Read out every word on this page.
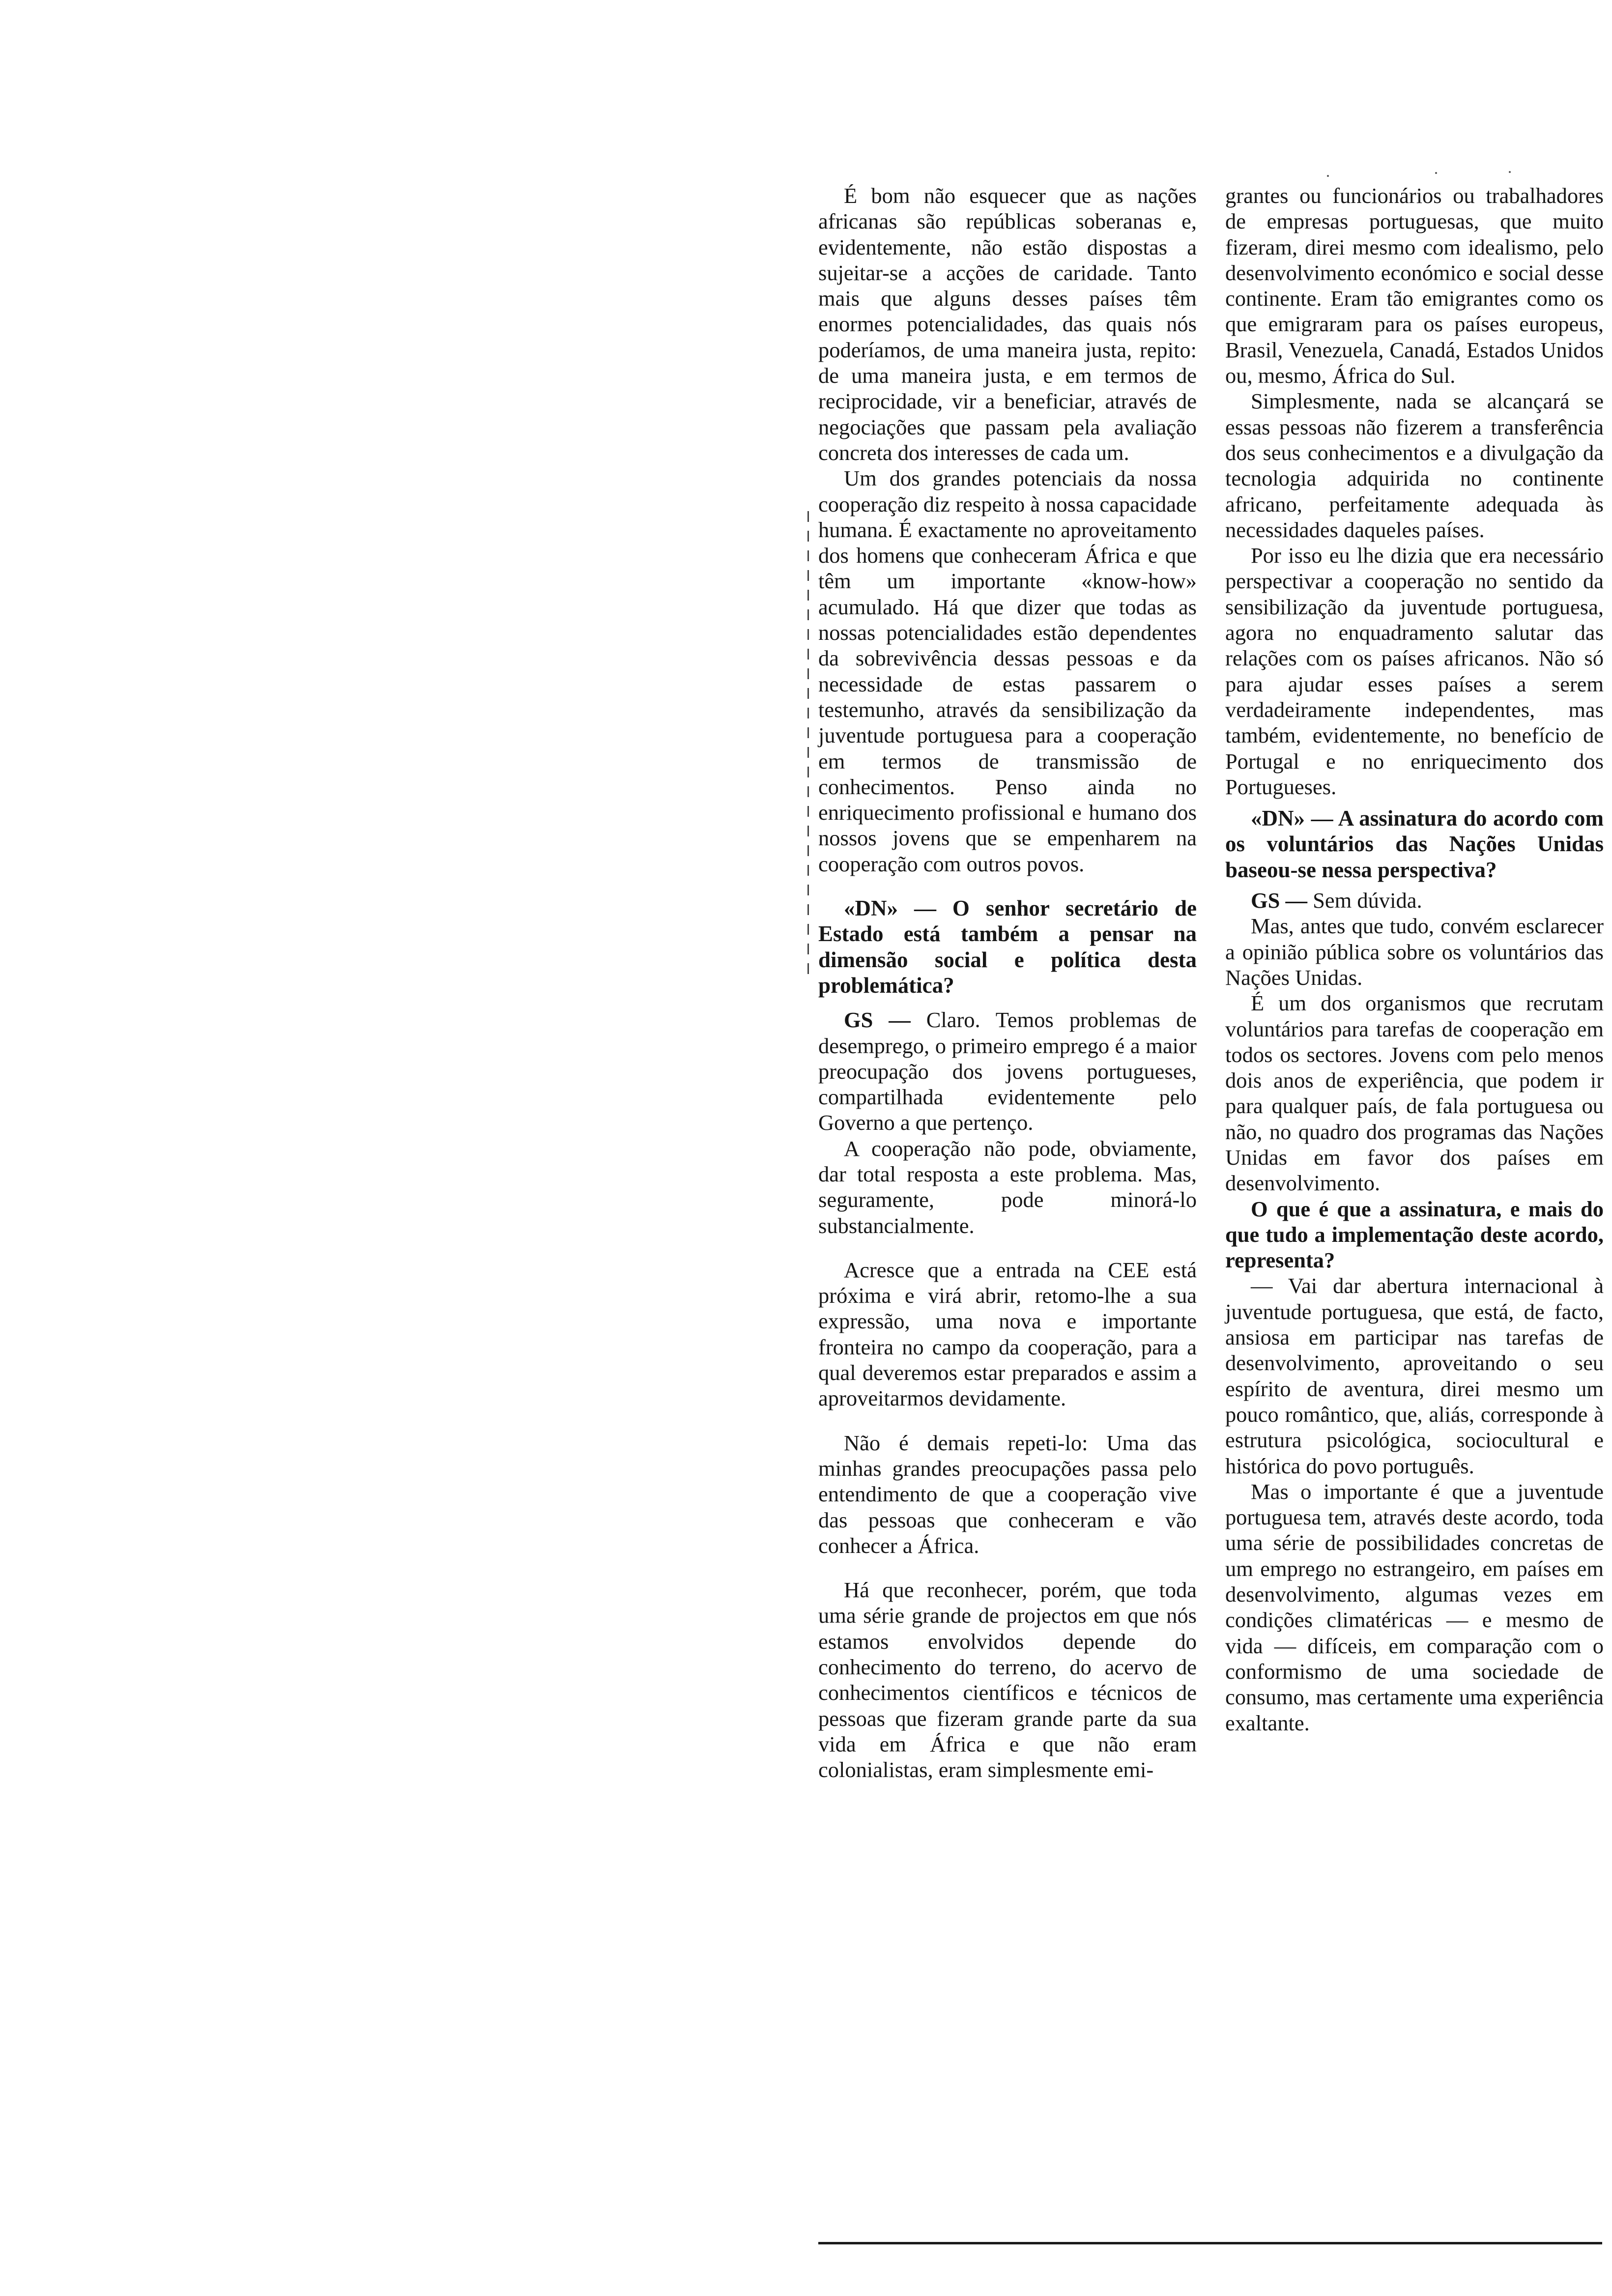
É bom não esquecer que as nações africanas são repúblicas soberanas e, evidentemente, não estão dispostas a sujeitar-se a acções de caridade. Tanto mais que alguns desses países têm enormes potencialidades, das quais nós poderíamos, de uma maneira justa, repito: de uma maneira justa, e em termos de reciprocidade, vir a beneficiar, através de negociações que passam pela avaliação concreta dos interesses de cada um.

Um dos grandes potenciais da nossa cooperação diz respeito à nossa capacidade humana. É exactamente no aproveitamento dos homens que conheceram África e que têm um importante «know-how» acumulado. Há que dizer que todas as nossas potencialidades estão dependentes da sobrevivência dessas pessoas e da necessidade de estas passarem o testemunho, através da sensibilização da juventude portuguesa para a cooperação em termos de transmissão de conhecimentos. Penso ainda no enriquecimento profissional e humano dos nossos jovens que se empenharem na cooperação com outros povos.

«DN» — O senhor secretário de Estado está também a pensar na dimensão social e política desta problemática?

GS — Claro. Temos problemas de desemprego, o primeiro emprego é a maior preocupação dos jovens portugueses, compartilhada evidentemente pelo Governo a que pertenço.

A cooperação não pode, obviamente, dar total resposta a este problema. Mas, seguramente, pode minorá-lo substancialmente.

Acresce que a entrada na CEE está próxima e virá abrir, retomo-lhe a sua expressão, uma nova e importante fronteira no campo da cooperação, para a qual deveremos estar preparados e assim a aproveitarmos devidamente.

Não é demais repeti-lo: Uma das minhas grandes preocupações passa pelo entendimento de que a cooperação vive das pessoas que conheceram e vão conhecer a África.

Há que reconhecer, porém, que toda uma série grande de projectos em que nós estamos envolvidos depende do conhecimento do terreno, do acervo de conhecimentos científicos e técnicos de pessoas que fizeram grande parte da sua vida em África e que não eram colonialistas, eram simplesmente emi-

grantes ou funcionários ou trabalhadores de empresas portuguesas, que muito fizeram, direi mesmo com idealismo, pelo desenvolvimento económico e social desse continente. Eram tão emigrantes como os que emigraram para os países europeus, Brasil, Venezuela, Canadá, Estados Unidos ou, mesmo, África do Sul.

Simplesmente, nada se alcançará se essas pessoas não fizerem a transferência dos seus conhecimentos e a divulgação da tecnologia adquirida no continente africano, perfeitamente adequada às necessidades daqueles países.

Por isso eu lhe dizia que era necessário perspectivar a cooperação no sentido da sensibilização da juventude portuguesa, agora no enquadramento salutar das relações com os países africanos. Não só para ajudar esses países a serem verdadeiramente independentes, mas também, evidentemente, no benefício de Portugal e no enriquecimento dos Portugueses.

«DN» — A assinatura do acordo com os voluntários das Nações Unidas baseou-se nessa perspectiva?

GS — Sem dúvida.

Mas, antes que tudo, convém esclarecer a opinião pública sobre os voluntários das Nações Unidas.

É um dos organismos que recrutam voluntários para tarefas de cooperação em todos os sectores. Jovens com pelo menos dois anos de experiência, que podem ir para qualquer país, de fala portuguesa ou não, no quadro dos programas das Nações Unidas em favor dos países em desenvolvimento.

O que é que a assinatura, e mais do que tudo a implementação deste acordo, representa?

— Vai dar abertura internacional à juventude portuguesa, que está, de facto, ansiosa em participar nas tarefas de desenvolvimento, aproveitando o seu espírito de aventura, direi mesmo um pouco romântico, que, aliás, corresponde à estrutura psicológica, sociocultural e histórica do povo português.

Mas o importante é que a juventude portuguesa tem, através deste acordo, toda uma série de possibilidades concretas de um emprego no estrangeiro, em países em desenvolvimento, algumas vezes em condições climatéricas — e mesmo de vida — difíceis, em comparação com o conformismo de uma sociedade de consumo, mas certamente uma experiência exaltante.
